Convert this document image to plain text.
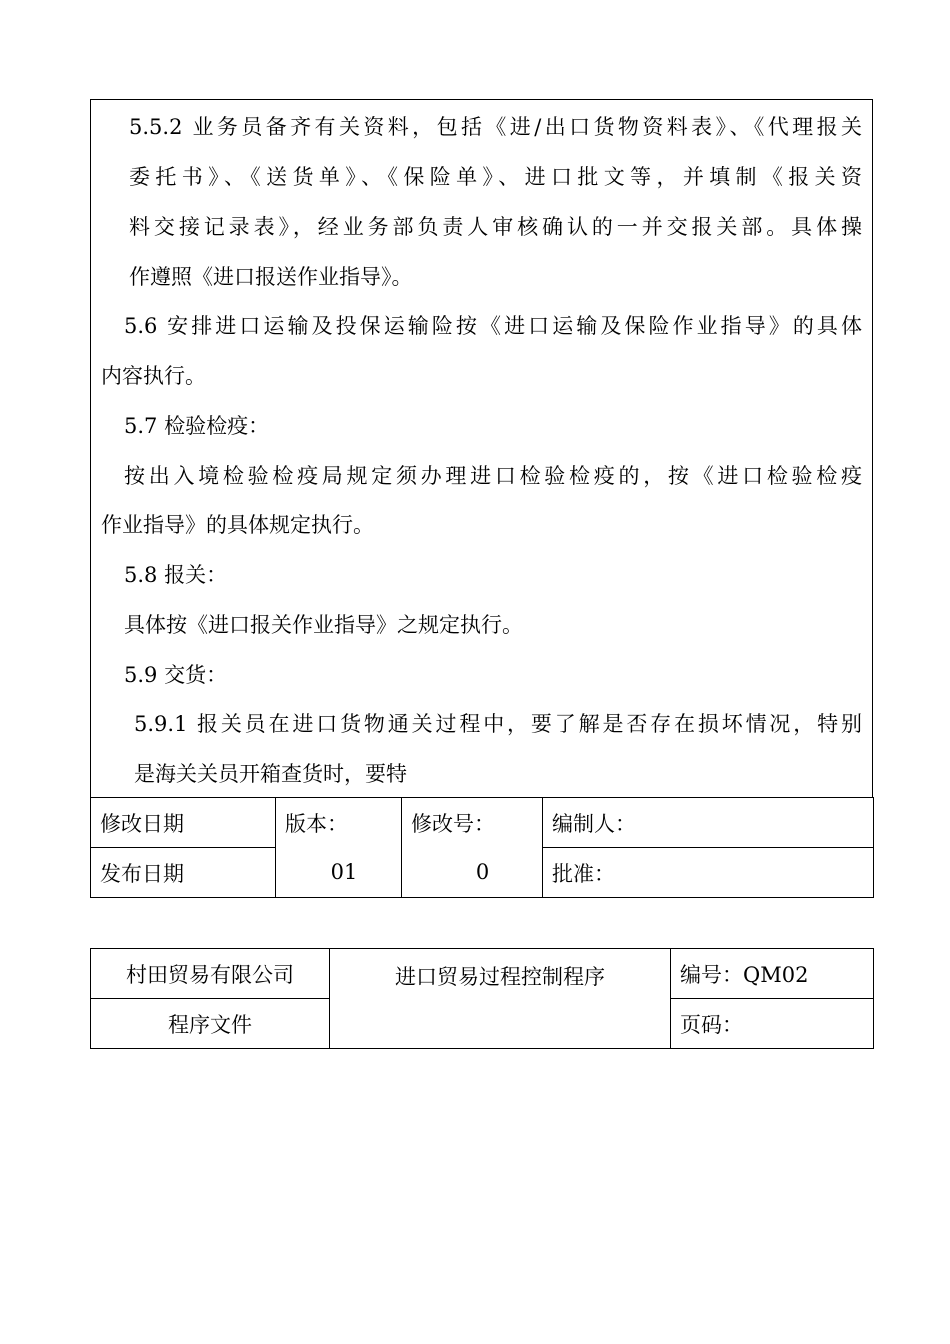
5.5.2 业务员备齐有关资料，包括《进/出口货物资料表》、《代理报关
委托书》、《送货单》、《保险单》、进口批文等，并填制《报关资
料交接记录表》，经业务部负责人审核确认的一并交报关部。具体操
作遵照《进口报送作业指导》。
5.6 安排进口运输及投保运输险按《进口运输及保险作业指导》的具体
内容执行。
5.7 检验检疫：
按出入境检验检疫局规定须办理进口检验检疫的，按《进口检验检疫
作业指导》的具体规定执行。
5.8 报关：
具体按《进口报关作业指导》之规定执行。
5.9 交货：
5.9.1 报关员在进口货物通关过程中，要了解是否存在损坏情况，特别
是海关关员开箱查货时，要特
修改日期	版本：	修改号：	编制人：
发布日期	01	0	批准：
村田贸易有限公司	进口贸易过程控制程序	编号：QM02
程序文件		页码：
